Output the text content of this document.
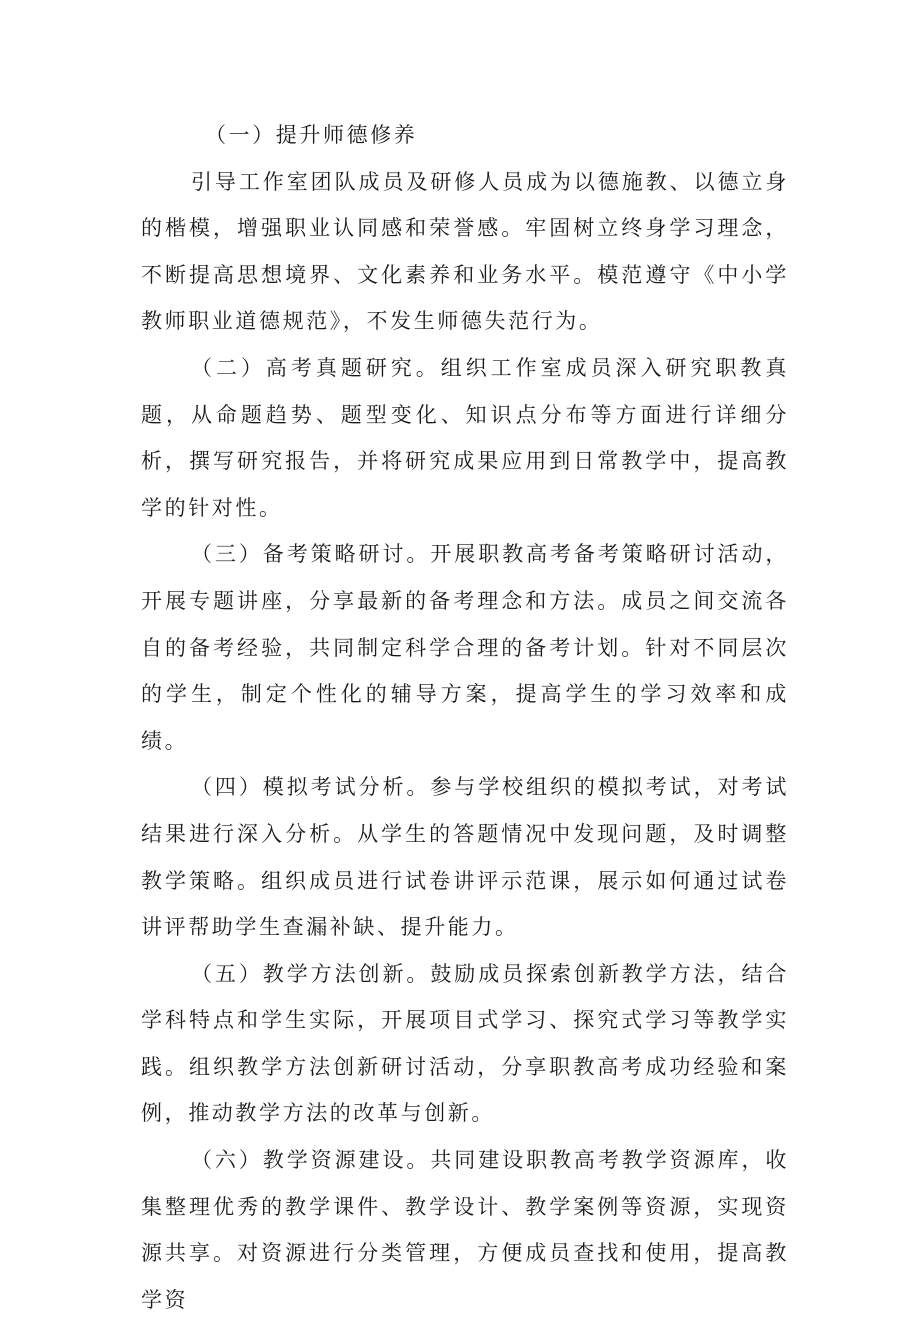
（一）提升师德修养

引导工作室团队成员及研修人员成为以德施教、以德立身的楷模，增强职业认同感和荣誉感。牢固树立终身学习理念，不断提高思想境界、文化素养和业务水平。模范遵守《中小学教师职业道德规范》，不发生师德失范行为。

（二）高考真题研究。组织工作室成员深入研究职教真题，从命题趋势、题型变化、知识点分布等方面进行详细分析，撰写研究报告，并将研究成果应用到日常教学中，提高教学的针对性。

（三）备考策略研讨。开展职教高考备考策略研讨活动，开展专题讲座，分享最新的备考理念和方法。成员之间交流各自的备考经验，共同制定科学合理的备考计划。针对不同层次的学生，制定个性化的辅导方案，提高学生的学习效率和成绩。

（四）模拟考试分析。参与学校组织的模拟考试，对考试结果进行深入分析。从学生的答题情况中发现问题，及时调整教学策略。组织成员进行试卷讲评示范课，展示如何通过试卷讲评帮助学生查漏补缺、提升能力。

（五）教学方法创新。鼓励成员探索创新教学方法，结合学科特点和学生实际，开展项目式学习、探究式学习等教学实践。组织教学方法创新研讨活动，分享职教高考成功经验和案例，推动教学方法的改革与创新。

（六）教学资源建设。共同建设职教高考教学资源库，收集整理优秀的教学课件、教学设计、教学案例等资源，实现资源共享。对资源进行分类管理，方便成员查找和使用，提高教学资
